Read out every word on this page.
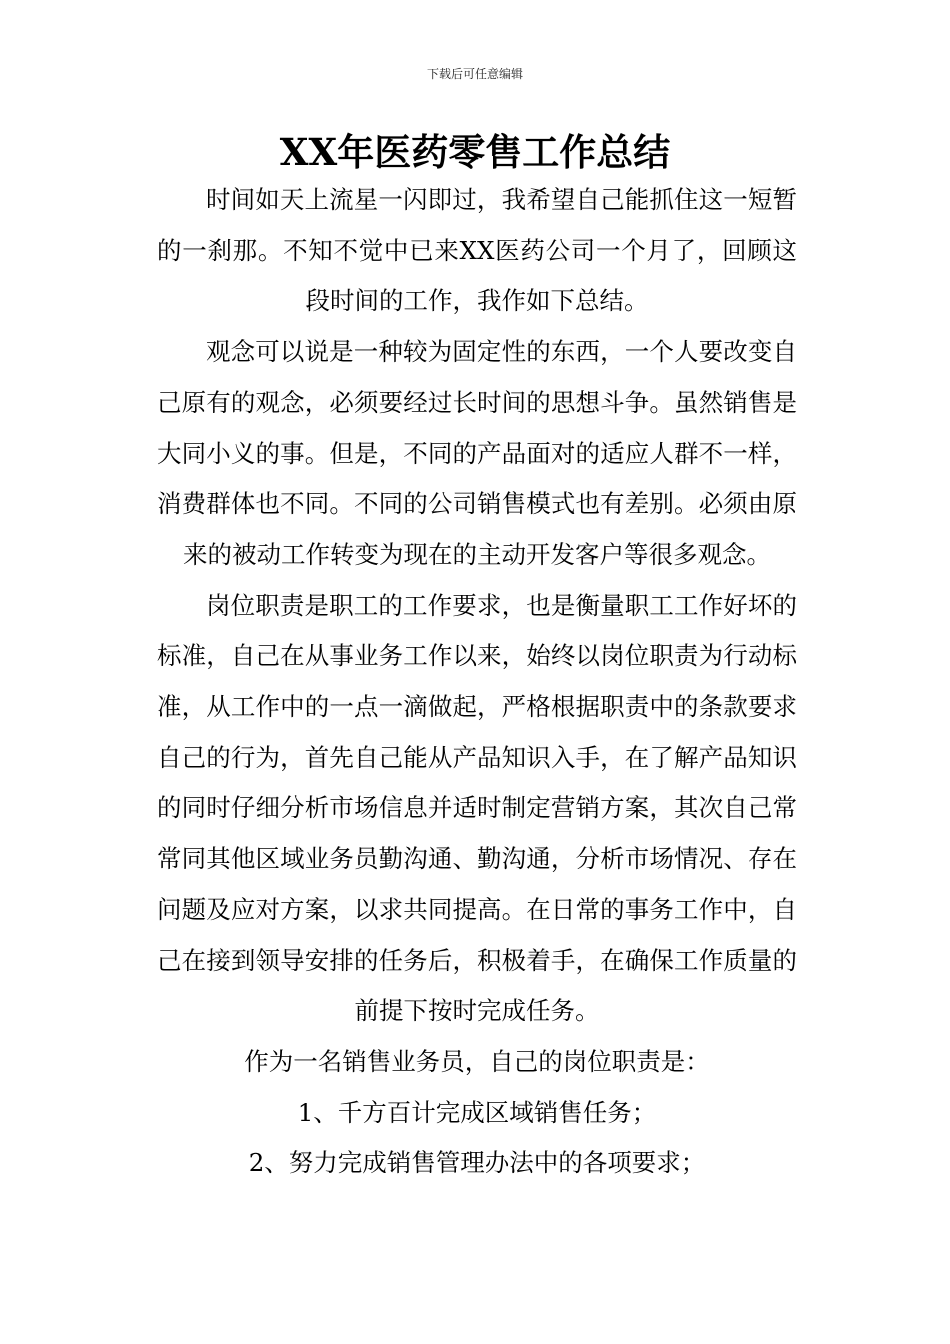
下载后可任意编辑
XX年医药零售工作总结

时间如天上流星一闪即过，我希望自己能抓住这一短暂的一刹那。不知不觉中已来XX医药公司一个月了，回顾这段时间的工作，我作如下总结。

观念可以说是一种较为固定性的东西，一个人要改变自己原有的观念，必须要经过长时间的思想斗争。虽然销售是大同小义的事。但是，不同的产品面对的适应人群不一样，消费群体也不同。不同的公司销售模式也有差别。必须由原来的被动工作转变为现在的主动开发客户等很多观念。

岗位职责是职工的工作要求，也是衡量职工工作好坏的标准，自己在从事业务工作以来，始终以岗位职责为行动标准，从工作中的一点一滴做起，严格根据职责中的条款要求自己的行为，首先自己能从产品知识入手，在了解产品知识的同时仔细分析市场信息并适时制定营销方案，其次自己常常同其他区域业务员勤沟通、勤沟通，分析市场情况、存在问题及应对方案，以求共同提高。在日常的事务工作中，自己在接到领导安排的任务后，积极着手，在确保工作质量的前提下按时完成任务。

作为一名销售业务员，自己的岗位职责是：

1、千方百计完成区域销售任务；

2、努力完成销售管理办法中的各项要求；
